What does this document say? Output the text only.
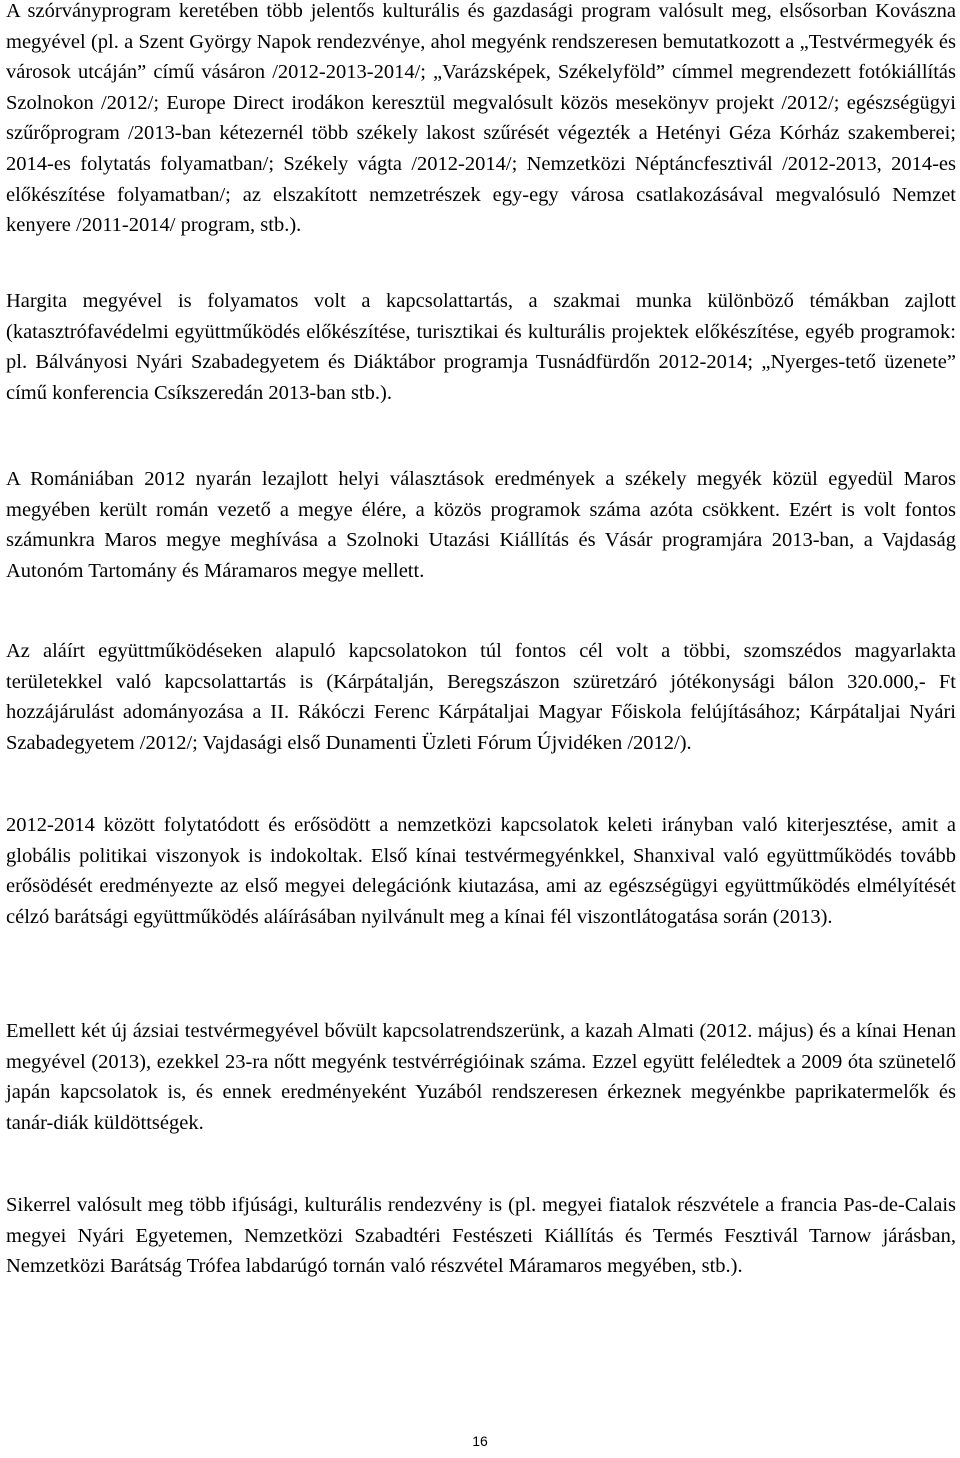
A szórványprogram keretében több jelentős kulturális és gazdasági program valósult meg, elsősorban Kovászna megyével (pl. a Szent György Napok rendezvénye, ahol megyénk rendszeresen bemutatkozott a „Testvérmegyék és városok utcáján” című vásáron /2012-2013-2014/; „Varázsképek, Székelyföld” címmel megrendezett fotókiállítás Szolnokon /2012/; Europe Direct irodákon keresztül megvalósult közös mesekönyv projekt /2012/; egészségügyi szűrőprogram /2013-ban kétezernél több székely lakost szűrését végezték a Hetényi Géza Kórház szakemberei; 2014-es folytatás folyamatban/; Székely vágta /2012-2014/; Nemzetközi Néptáncfesztivál /2012-2013, 2014-es előkészítése folyamatban/; az elszakított nemzetrészek egy-egy városa csatlakozásával megvalósuló Nemzet kenyere /2011-2014/ program, stb.).

Hargita megyével is folyamatos volt a kapcsolattartás, a szakmai munka különböző témákban zajlott (katasztrófavédelmi együttműködés előkészítése, turisztikai és kulturális projektek előkészítése, egyéb programok: pl. Bálványosi Nyári Szabadegyetem és Diáktábor programja Tusnádfürdőn 2012-2014; „Nyerges-tető üzenete” című konferencia Csíkszeredán 2013-ban stb.).

A Romániában 2012 nyarán lezajlott helyi választások eredmények a székely megyék közül egyedül Maros megyében került román vezető a megye élére, a közös programok száma azóta csökkent. Ezért is volt fontos számunkra Maros megye meghívása a Szolnoki Utazási Kiállítás és Vásár programjára 2013-ban, a Vajdaság Autonóm Tartomány és Máramaros megye mellett.

Az aláírt együttműködéseken alapuló kapcsolatokon túl fontos cél volt a többi, szomszédos magyarlakta területekkel való kapcsolattartás is (Kárpátalján, Beregszászon szüretzáró jótékonysági bálon 320.000,- Ft hozzájárulást adományozása a II. Rákóczi Ferenc Kárpátaljai Magyar Főiskola felújításához; Kárpátaljai Nyári Szabadegyetem /2012/; Vajdasági első Dunamenti Üzleti Fórum Újvidéken /2012/).

2012-2014 között folytatódott és erősödött a nemzetközi kapcsolatok keleti irányban való kiterjesztése, amit a globális politikai viszonyok is indokoltak. Első kínai testvérmegyénkkel, Shanxival való együttműködés tovább erősödését eredményezte az első megyei delegációnk kiutazása, ami az egészségügyi együttműködés elmélyítését célzó barátsági együttműködés aláírásában nyilvánult meg a kínai fél viszontlátogatása során (2013).

Emellett két új ázsiai testvérmegyével bővült kapcsolatrendszerünk, a kazah Almati (2012. május) és a kínai Henan megyével (2013), ezekkel 23-ra nőtt megyénk testvérrégióinak száma. Ezzel együtt feléledtek a 2009 óta szünetelő japán kapcsolatok is, és ennek eredményeként Yuzából rendszeresen érkeznek megyénkbe paprikatermelők és tanár-diák küldöttségek.

Sikerrel valósult meg több ifjúsági, kulturális rendezvény is (pl. megyei fiatalok részvétele a francia Pas-de-Calais megyei Nyári Egyetemen, Nemzetközi Szabadtéri Festészeti Kiállítás és Termés Fesztivál Tarnow járásban, Nemzetközi Barátság Trófea labdarúgó tornán való részvétel Máramaros megyében, stb.).

16
